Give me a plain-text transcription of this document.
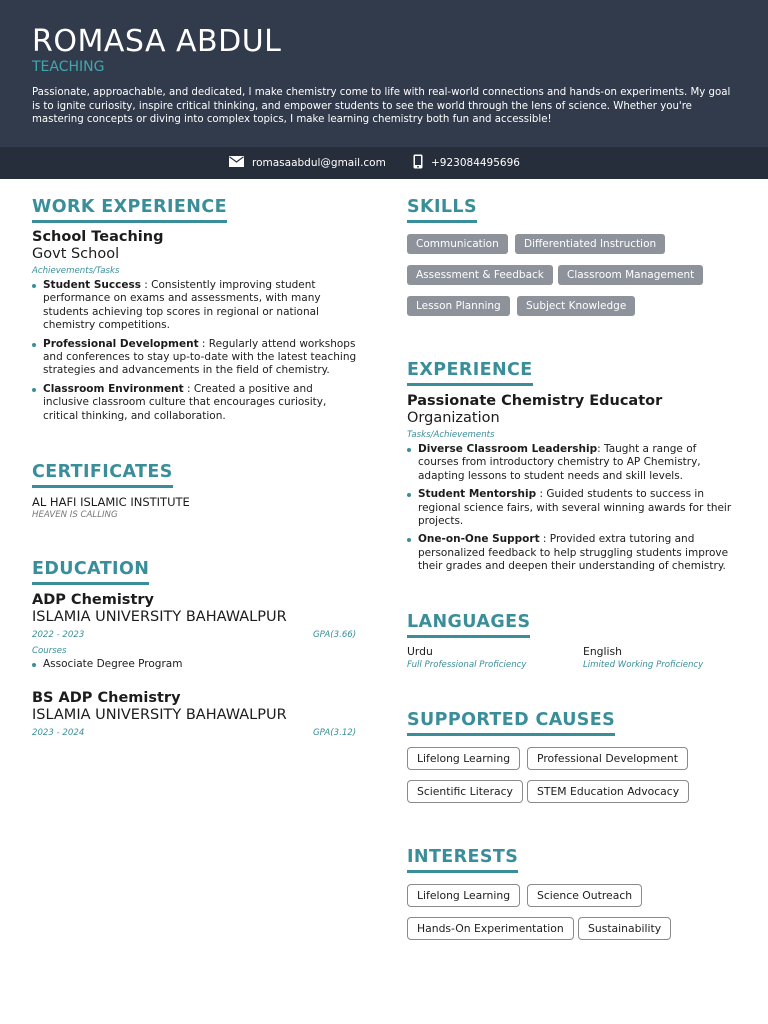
ROMASA ABDUL
TEACHING
Passionate, approachable, and dedicated, I make chemistry come to life with real-world connections and hands-on experiments. My goal is to ignite curiosity, inspire critical thinking, and empower students to see the world through the lens of science. Whether you're mastering concepts or diving into complex topics, I make learning chemistry both fun and accessible!
romasaabdul@gmail.com	+923084495696
WORK EXPERIENCE
School Teaching
Govt School
Achievements/Tasks
Student Success : Consistently improving student performance on exams and assessments, with many students achieving top scores in regional or national chemistry competitions.
Professional Development : Regularly attend workshops and conferences to stay up-to-date with the latest teaching strategies and advancements in the field of chemistry.
Classroom Environment : Created a positive and inclusive classroom culture that encourages curiosity, critical thinking, and collaboration.
CERTIFICATES
AL HAFI ISLAMIC INSTITUTE
HEAVEN IS CALLING
EDUCATION
ADP Chemistry
ISLAMIA UNIVERSITY BAHAWALPUR
2022 - 2023	GPA(3.66)
Courses
Associate Degree Program
BS ADP Chemistry
ISLAMIA UNIVERSITY BAHAWALPUR
2023 - 2024	GPA(3.12)
SKILLS
Communication	Differentiated Instruction
Assessment & Feedback	Classroom Management
Lesson Planning	Subject Knowledge
EXPERIENCE
Passionate Chemistry Educator
Organization
Tasks/Achievements
Diverse Classroom Leadership: Taught a range of courses from introductory chemistry to AP Chemistry, adapting lessons to student needs and skill levels.
Student Mentorship : Guided students to success in regional science fairs, with several winning awards for their projects.
One-on-One Support : Provided extra tutoring and personalized feedback to help struggling students improve their grades and deepen their understanding of chemistry.
LANGUAGES
Urdu
Full Professional Proficiency
English
Limited Working Proficiency
SUPPORTED CAUSES
Lifelong Learning	Professional Development
Scientific Literacy	STEM Education Advocacy
INTERESTS
Lifelong Learning	Science Outreach
Hands-On Experimentation	Sustainability
